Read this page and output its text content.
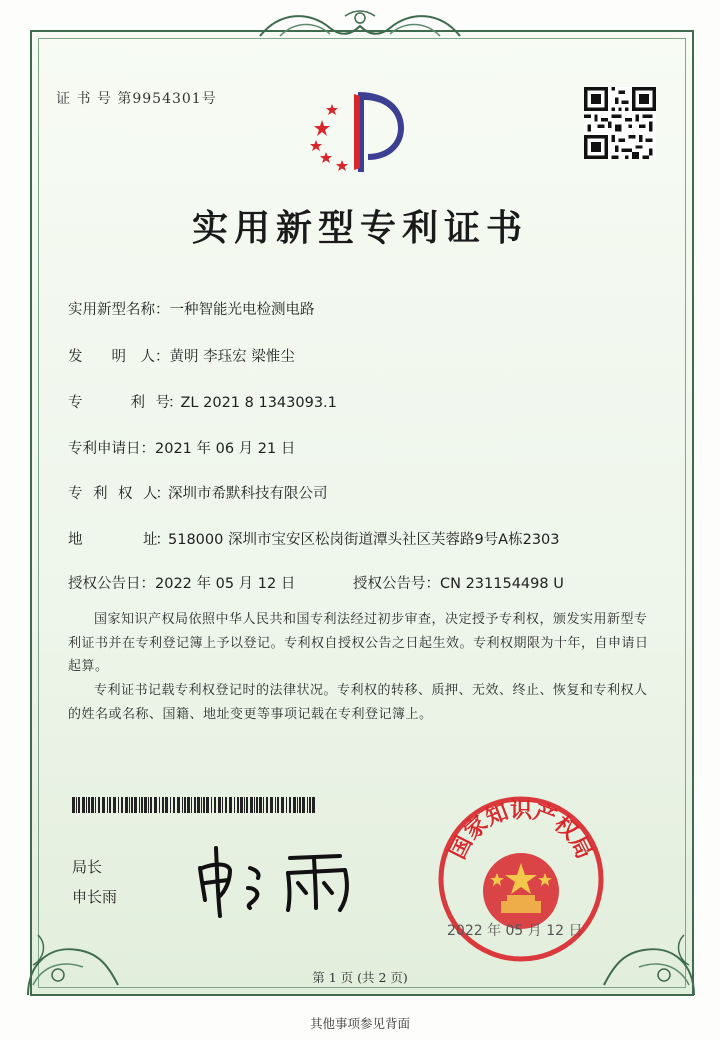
证 书 号 第9954301号
实用新型专利证书
实用新型名称：一种智能光电检测电路
发　　明　人：黄明 李珏宏 梁惟尘
专　　　　利　号：ZL 2021 8 1343093.1
专利申请日：2021 年 06 月 21 日
专　利　权　人：深圳市希默科技有限公司
地　　　　　址：518000 深圳市宝安区松岗街道潭头社区芙蓉路9号A栋2303
授权公告日：2022 年 05 月 12 日	授权公告号：CN 231154498 U
国家知识产权局依照中华人民共和国专利法经过初步审查，决定授予专利权，颁发实用新型专利证书并在专利登记簿上予以登记。专利权自授权公告之日起生效。专利权期限为十年，自申请日起算。
专利证书记载专利权登记时的法律状况。专利权的转移、质押、无效、终止、恢复和专利权人的姓名或名称、国籍、地址变更等事项记载在专利登记簿上。
局长
申长雨
国家知识产权局
2022 年 05 月 12 日
第 1 页 (共 2 页)
其他事项参见背面
